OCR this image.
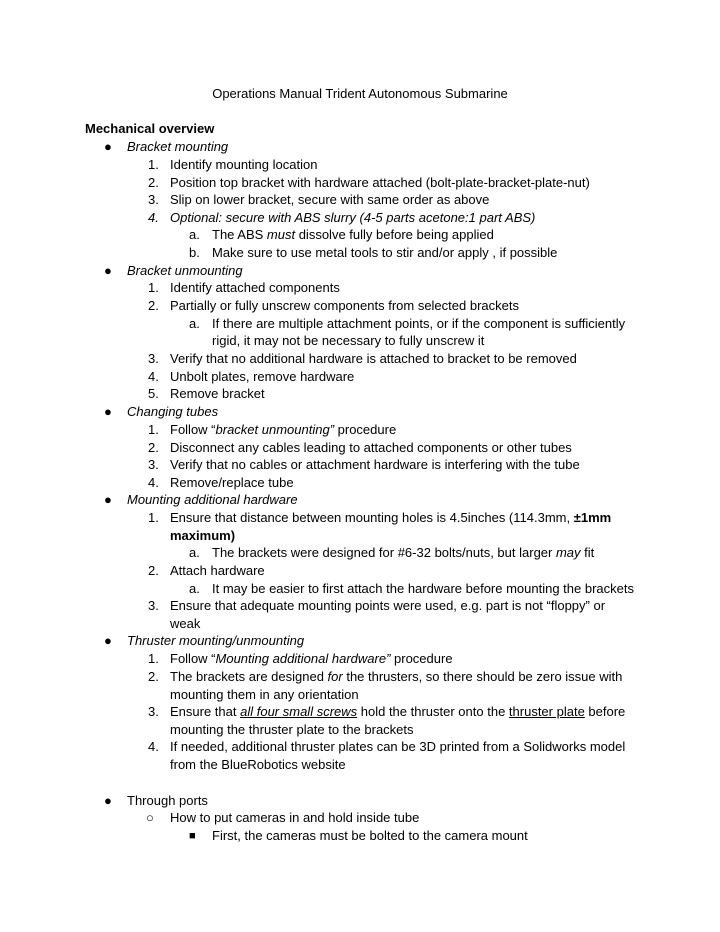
Operations Manual Trident Autonomous Submarine
Mechanical overview
● Bracket mounting
1. Identify mounting location
2. Position top bracket with hardware attached (bolt-plate-bracket-plate-nut)
3. Slip on lower bracket, secure with same order as above
4. Optional: secure with ABS slurry (4-5 parts acetone:1 part ABS)
a. The ABS must dissolve fully before being applied
b. Make sure to use metal tools to stir and/or apply , if possible
● Bracket unmounting
1. Identify attached components
2. Partially or fully unscrew components from selected brackets
a. If there are multiple attachment points, or if the component is sufficiently
rigid, it may not be necessary to fully unscrew it
3. Verify that no additional hardware is attached to bracket to be removed
4. Unbolt plates, remove hardware
5. Remove bracket
● Changing tubes
1. Follow “bracket unmounting” procedure
2. Disconnect any cables leading to attached components or other tubes
3. Verify that no cables or attachment hardware is interfering with the tube
4. Remove/replace tube
● Mounting additional hardware
1. Ensure that distance between mounting holes is 4.5inches (114.3mm, ±1mm
maximum)
a. The brackets were designed for #6-32 bolts/nuts, but larger may fit
2. Attach hardware
a. It may be easier to first attach the hardware before mounting the brackets
3. Ensure that adequate mounting points were used, e.g. part is not “floppy” or
weak
● Thruster mounting/unmounting
1. Follow “Mounting additional hardware” procedure
2. The brackets are designed for the thrusters, so there should be zero issue with
mounting them in any orientation
3. Ensure that all four small screws hold the thruster onto the thruster plate before
mounting the thruster plate to the brackets
4. If needed, additional thruster plates can be 3D printed from a Solidworks model
from the BlueRobotics website
● Through ports
○ How to put cameras in and hold inside tube
■ First, the cameras must be bolted to the camera mount
